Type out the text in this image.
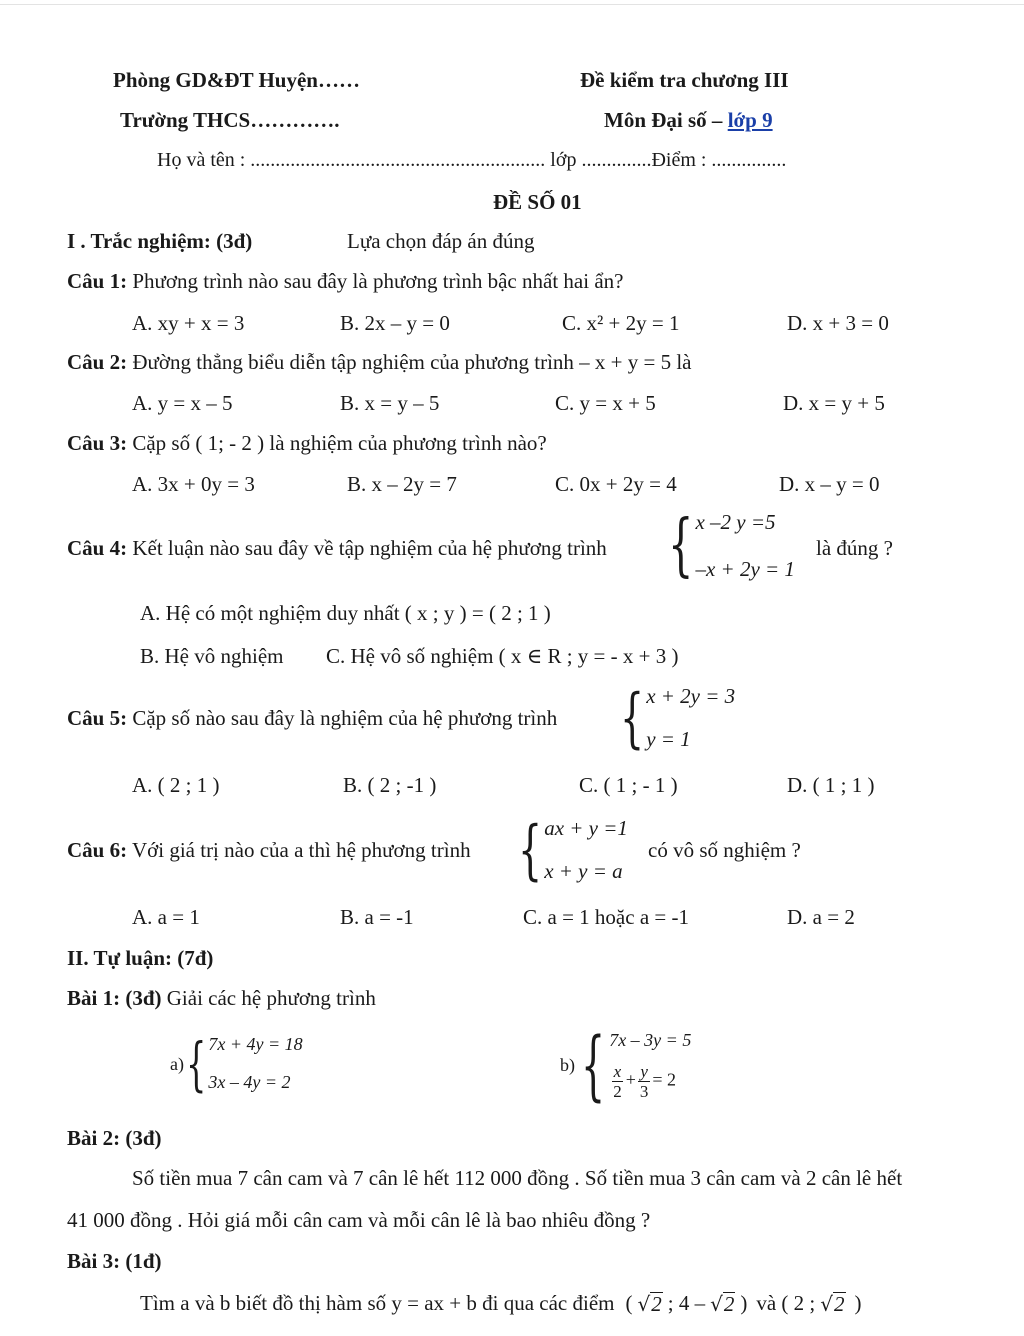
Phòng GD&ĐT Huyện……	Đề kiểm tra chương III
Trường THCS………….	Môn Đại số – lớp 9
Họ và tên : ........................................................... lớp ..............Điểm : ...............
ĐỀ SỐ 01
I . Trắc nghiệm: (3đ)	Lựa chọn đáp án đúng
Câu 1: Phương trình nào sau đây là phương trình bậc nhất hai ẩn?
A. xy + x = 3	B. 2x – y = 0	C. x² + 2y = 1	D. x + 3 = 0
Câu 2: Đường thẳng biểu diễn tập nghiệm của phương trình – x + y = 5 là
A. y = x – 5	B. x = y – 5	C. y = x + 5	D. x = y + 5
Câu 3: Cặp số ( 1; - 2 ) là nghiệm của phương trình nào?
A. 3x + 0y = 3	B. x – 2y = 7	C. 0x + 2y = 4	D. x – y = 0
Câu 4: Kết luận nào sau đây về tập nghiệm của hệ phương trình { x –2 y =5
–x + 2y = 1
là đúng ?
A. Hệ có một nghiệm duy nhất ( x ; y ) = ( 2 ; 1 )
B. Hệ vô nghiệm C. Hệ vô số nghiệm ( x ∈ R ; y = - x + 3 )
Câu 5: Cặp số nào sau đây là nghiệm của hệ phương trình { x + 2y = 3
y = 1
A. ( 2 ; 1 )	B. ( 2 ; -1 )	C. ( 1 ; - 1 )	D. ( 1 ; 1 )
Câu 6: Với giá trị nào của a thì hệ phương trình { ax + y =1
x + y = a
có vô số nghiệm ?
A. a = 1	B. a = -1	C. a = 1 hoặc a = -1	D. a = 2
II. Tự luận: (7đ)
Bài 1: (3đ) Giải các hệ phương trình
a) { 7x + 4y = 18
3x – 4y = 2
b) { 7x – 3y = 5
$\frac{x}{2} + \frac{y}{3} = 2$
Bài 2: (3đ)
Số tiền mua 7 cân cam và 7 cân lê hết 112 000 đồng . Số tiền mua 3 cân cam và 2 cân lê hết
41 000 đồng . Hỏi giá mỗi cân cam và mỗi cân lê là bao nhiêu đồng ?
Bài 3: (1đ)
Tìm a và b biết đồ thị hàm số y = ax + b đi qua các điểm ( √ 2 ; 4 – √ 2 ) và ( 2 ; √ 2 )
